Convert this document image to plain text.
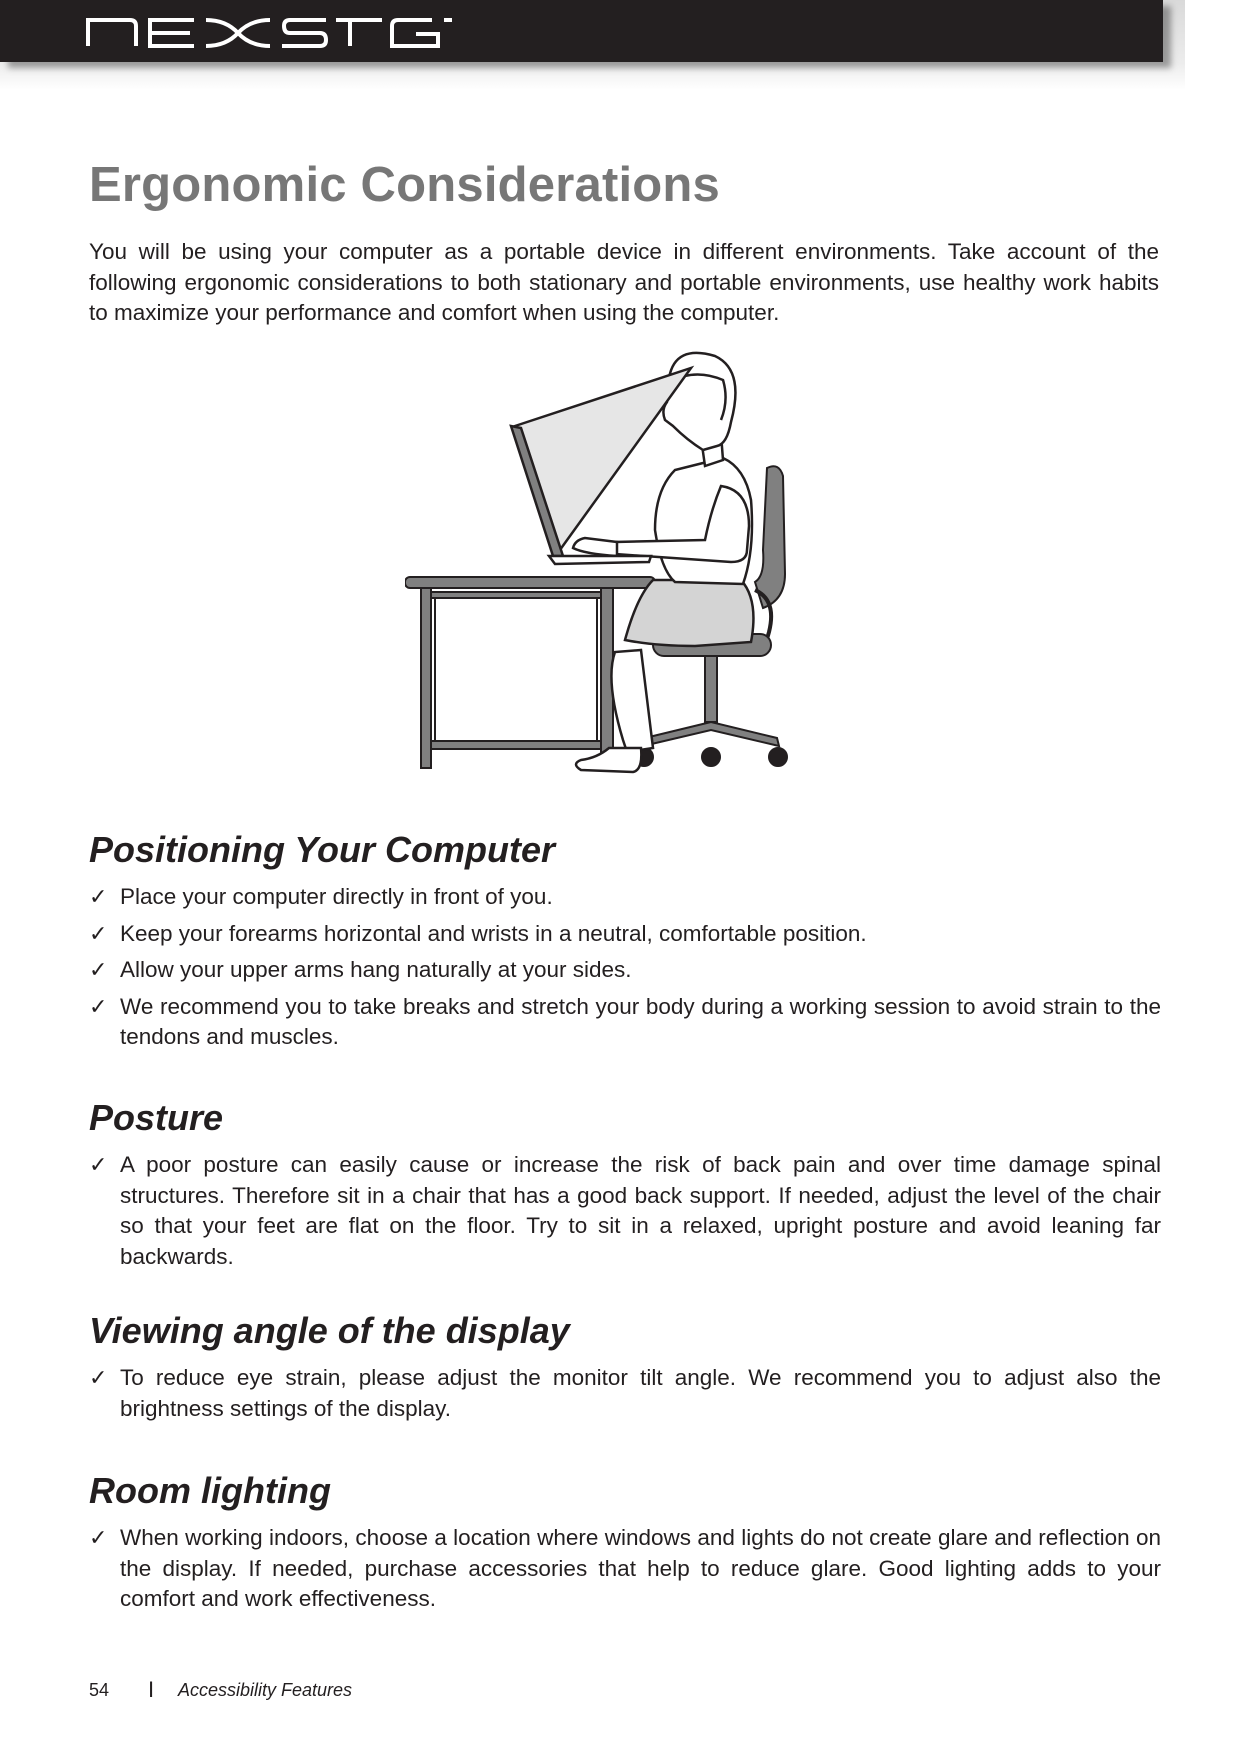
Ergonomic Considerations

You will be using your computer as a portable device in different environments. Take account of the following ergonomic considerations to both stationary and portable environments, use healthy work habits to maximize your performance and comfort when using the computer.

Positioning Your Computer
✓ Place your computer directly in front of you.
✓ Keep your forearms horizontal and wrists in a neutral, comfortable position.
✓ Allow your upper arms hang naturally at your sides.
✓ We recommend you to take breaks and stretch your body during a working session to avoid strain to the tendons and muscles.
Posture
✓ A poor posture can easily cause or increase the risk of back pain and over time damage spinal structures. Therefore sit in a chair that has a good back support. If needed, adjust the level of the chair so that your feet are flat on the floor. Try to sit in a relaxed, upright posture and avoid leaning far backwards.
Viewing angle of the display
✓ To reduce eye strain, please adjust the monitor tilt angle. We recommend you to adjust also the brightness settings of the display.
Room lighting
✓ When working indoors, choose a location where windows and lights do not create glare and reflection on the display. If needed, purchase accessories that help to reduce glare. Good lighting adds to your comfort and work effectiveness.
54 I Accessibility Features
